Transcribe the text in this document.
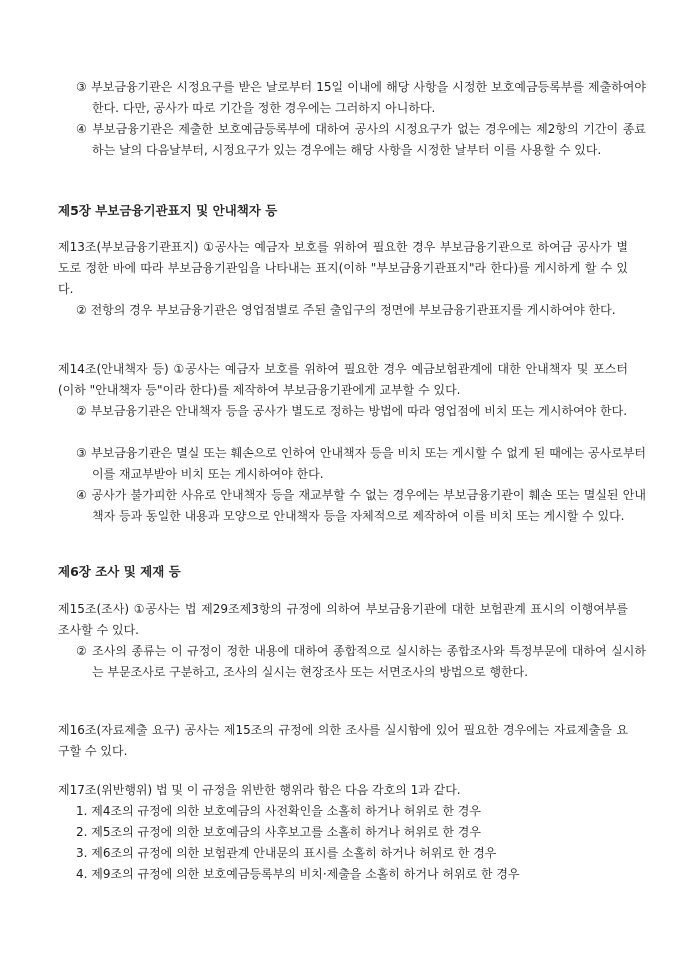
③ 부보금융기관은 시정요구를 받은 날로부터 15일 이내에 해당 사항을 시정한 보호예금등록부를 제출하여야 한다. 다만, 공사가 따로 기간을 정한 경우에는 그러하지 아니하다.

④ 부보금융기관은 제출한 보호예금등록부에 대하여 공사의 시정요구가 없는 경우에는 제2항의 기간이 종료하는 날의 다음날부터, 시정요구가 있는 경우에는 해당 사항을 시정한 날부터 이를 사용할 수 있다.

제5장 부보금융기관표지 및 안내책자 등

제13조(부보금융기관표지) ①공사는 예금자 보호를 위하여 필요한 경우 부보금융기관으로 하여금 공사가 별도로 정한 바에 따라 부보금융기관임을 나타내는 표지(이하 "부보금융기관표지"라 한다)를 게시하게 할 수 있다.

② 전항의 경우 부보금융기관은 영업점별로 주된 출입구의 정면에 부보금융기관표지를 게시하여야 한다.

제14조(안내책자 등) ①공사는 예금자 보호를 위하여 필요한 경우 예금보험관계에 대한 안내책자 및 포스터(이하 "안내책자 등"이라 한다)를 제작하여 부보금융기관에게 교부할 수 있다.

② 부보금융기관은 안내책자 등을 공사가 별도로 정하는 방법에 따라 영업점에 비치 또는 게시하여야 한다.

③ 부보금융기관은 멸실 또는 훼손으로 인하여 안내책자 등을 비치 또는 게시할 수 없게 된 때에는 공사로부터 이를 재교부받아 비치 또는 게시하여야 한다.

④ 공사가 불가피한 사유로 안내책자 등을 재교부할 수 없는 경우에는 부보금융기관이 훼손 또는 멸실된 안내책자 등과 동일한 내용과 모양으로 안내책자 등을 자체적으로 제작하여 이를 비치 또는 게시할 수 있다.

제6장 조사 및 제재 등

제15조(조사) ①공사는 법 제29조제3항의 규정에 의하여 부보금융기관에 대한 보험관계 표시의 이행여부를 조사할 수 있다.

② 조사의 종류는 이 규정이 정한 내용에 대하여 종합적으로 실시하는 종합조사와 특정부문에 대하여 실시하는 부문조사로 구분하고, 조사의 실시는 현장조사 또는 서면조사의 방법으로 행한다.

제16조(자료제출 요구) 공사는 제15조의 규정에 의한 조사를 실시함에 있어 필요한 경우에는 자료제출을 요구할 수 있다.

제17조(위반행위) 법 및 이 규정을 위반한 행위라 함은 다음 각호의 1과 같다.

1. 제4조의 규정에 의한 보호예금의 사전확인을 소홀히 하거나 허위로 한 경우

2. 제5조의 규정에 의한 보호예금의 사후보고를 소홀히 하거나 허위로 한 경우

3. 제6조의 규정에 의한 보험관계 안내문의 표시를 소홀히 하거나 허위로 한 경우

4. 제9조의 규정에 의한 보호예금등록부의 비치·제출을 소홀히 하거나 허위로 한 경우
